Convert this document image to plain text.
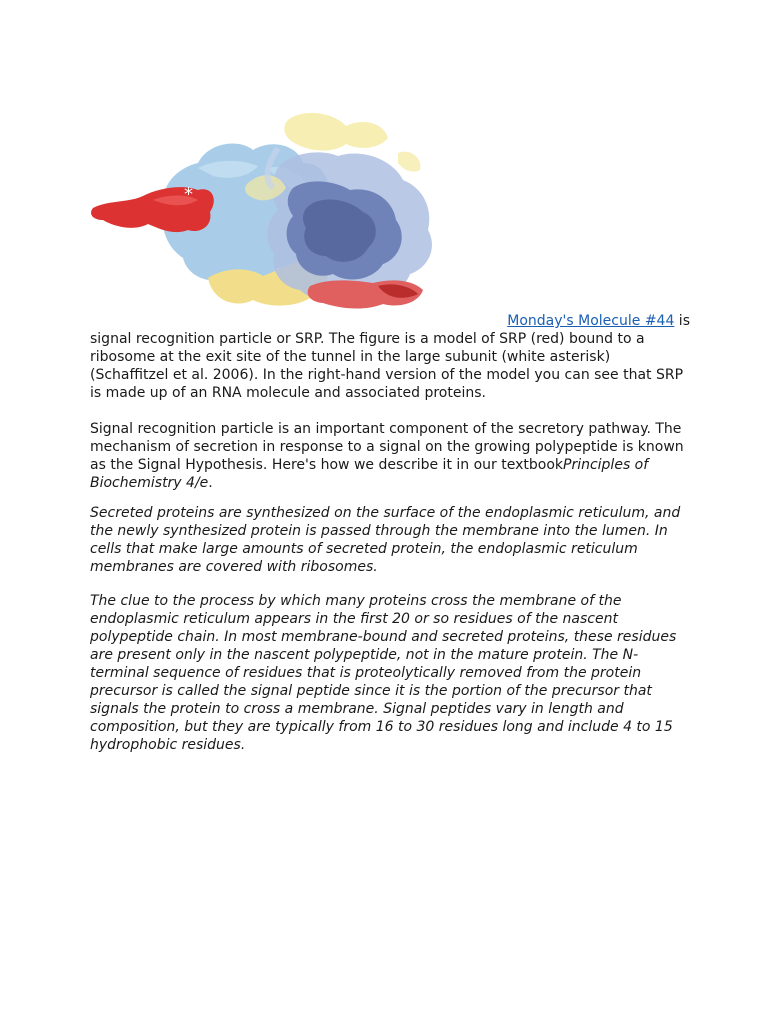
*
Monday's Molecule #44 is
signal recognition particle or SRP. The figure is a model of SRP (red) bound to a ribosome at the exit site of the tunnel in the large subunit (white asterisk) (Schaffitzel et al. 2006). In the right-hand version of the model you can see that SRP is made up of an RNA molecule and associated proteins.
Signal recognition particle is an important component of the secretory pathway. The mechanism of secretion in response to a signal on the growing polypeptide is known as the Signal Hypothesis. Here's how we describe it in our textbookPrinciples of Biochemistry 4/e.
Secreted proteins are synthesized on the surface of the endoplasmic reticulum, and the newly synthesized protein is passed through the membrane into the lumen. In cells that make large amounts of secreted protein, the endoplasmic reticulum membranes are covered with ribosomes.
The clue to the process by which many proteins cross the membrane of the endoplasmic reticulum appears in the first 20 or so residues of the nascent polypeptide chain. In most membrane-bound and secreted proteins, these residues are present only in the nascent polypeptide, not in the mature protein. The N-terminal sequence of residues that is proteolytically removed from the protein precursor is called the signal peptide since it is the portion of the precursor that signals the protein to cross a membrane. Signal peptides vary in length and composition, but they are typically from 16 to 30 residues long and include 4 to 15 hydrophobic residues.
